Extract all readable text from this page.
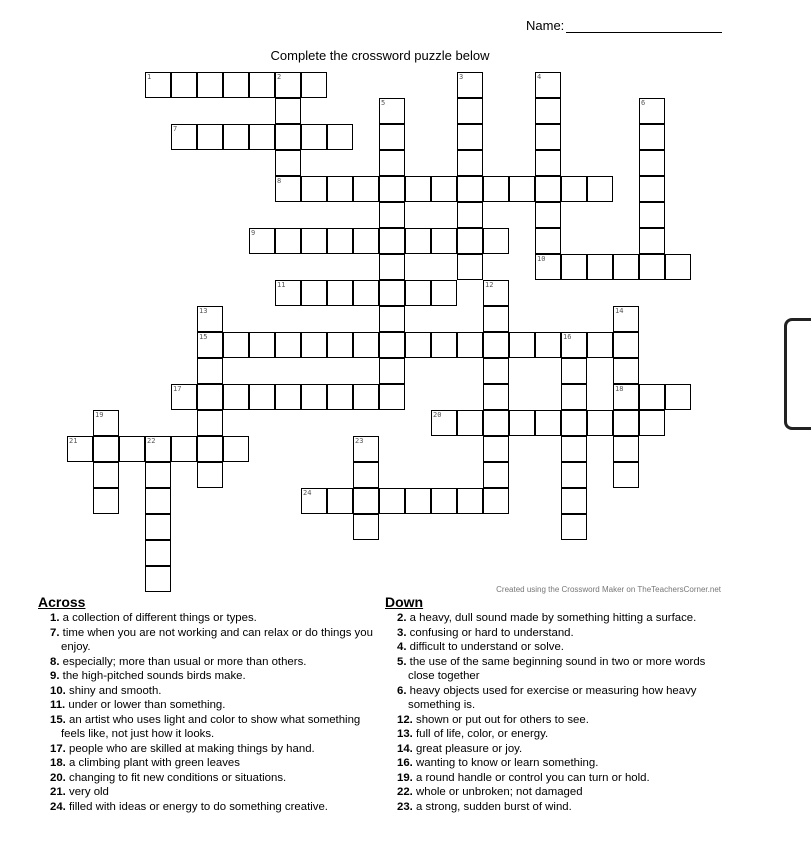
Name:
Complete the crossword puzzle below
1	2
7
8
9
10
11
15	16
17	18
20
21	22
24
3	4
5	6
12
13	14
19
23
Created using the Crossword Maker on TheTeachersCorner.net
Across
1. a collection of different things or types.
7. time when you are not working and can relax or do things you enjoy.
8. especially; more than usual or more than others.
9. the high-pitched sounds birds make.
10. shiny and smooth.
11. under or lower than something.
15. an artist who uses light and color to show what something feels like, not just how it looks.
17. people who are skilled at making things by hand.
18. a climbing plant with green leaves
20. changing to fit new conditions or situations.
21. very old
24. filled with ideas or energy to do something creative.
Down
2. a heavy, dull sound made by something hitting a surface.
3. confusing or hard to understand.
4. difficult to understand or solve.
5. the use of the same beginning sound in two or more words close together
6. heavy objects used for exercise or measuring how heavy something is.
12. shown or put out for others to see.
13. full of life, color, or energy.
14. great pleasure or joy.
16. wanting to know or learn something.
19. a round handle or control you can turn or hold.
22. whole or unbroken; not damaged
23. a strong, sudden burst of wind.
